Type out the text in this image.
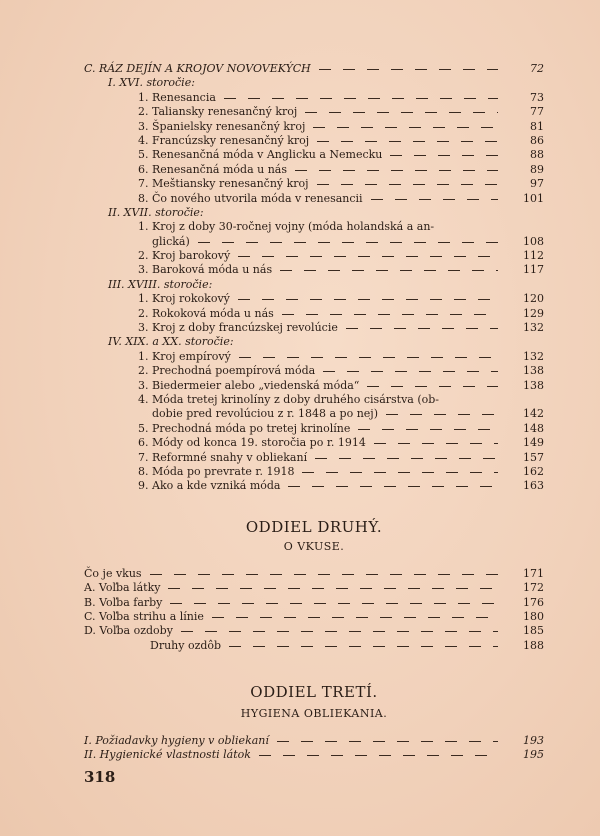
C. RÁZ DEJÍN A KROJOV NOVOVEKÝCH	72
I. XVI. storočie:
1. Renesancia	73
2. Taliansky renesančný kroj	77
3. Španielsky renesančný kroj	81
4. Francúzsky renesančný kroj	86
5. Renesančná móda v Anglicku a Nemecku	88
6. Renesančná móda u nás	89
7. Meštiansky renesančný kroj	97
8. Čo nového utvorila móda v renesancii	101
II. XVII. storočie:
1. Kroj z doby 30-ročnej vojny (móda holandská a an-
glická)	108
2. Kroj barokový	112
3. Baroková móda u nás	117
III. XVIII. storočie:
1. Kroj rokokový	120
2. Rokoková móda u nás	129
3. Kroj z doby francúzskej revolúcie	132
IV. XIX. a XX. storočie:
1. Kroj empírový	132
2. Prechodná poempírová móda	138
3. Biedermeier alebo „viedenská móda“	138
4. Móda tretej krinolíny z doby druhého cisárstva (ob-
dobie pred revolúciou z r. 1848 a po nej)	142
5. Prechodná móda po tretej krinolíne	148
6. Módy od konca 19. storočia po r. 1914	149
7. Reformné snahy v obliekaní	157
8. Móda po prevrate r. 1918	162
9. Ako a kde vzniká móda	163
ODDIEL DRUHÝ.
O VKUSE.
Čo je vkus	171
A. Voľba látky	172
B. Voľba farby	176
C. Voľba strihu a línie	180
D. Voľba ozdoby	185
Druhy ozdôb	188
ODDIEL TRETÍ.
HYGIENA OBLIEKANIA.
I. Požiadavky hygieny v obliekaní	193
II. Hygienické vlastnosti látok	195
318
